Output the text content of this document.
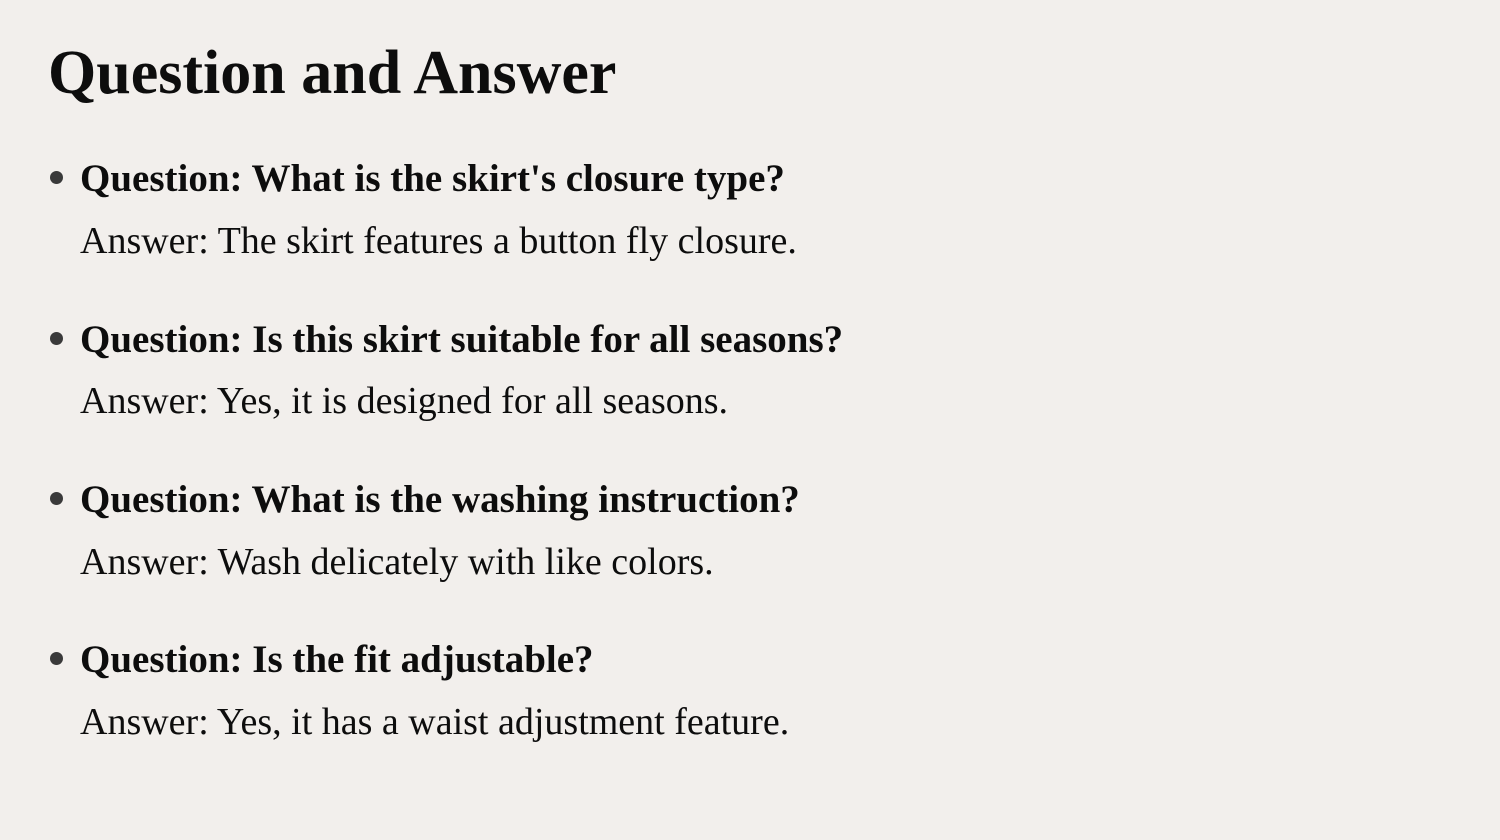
Question and Answer
Question: What is the skirt's closure type?
Answer: The skirt features a button fly closure.
Question: Is this skirt suitable for all seasons?
Answer: Yes, it is designed for all seasons.
Question: What is the washing instruction?
Answer: Wash delicately with like colors.
Question: Is the fit adjustable?
Answer: Yes, it has a waist adjustment feature.
